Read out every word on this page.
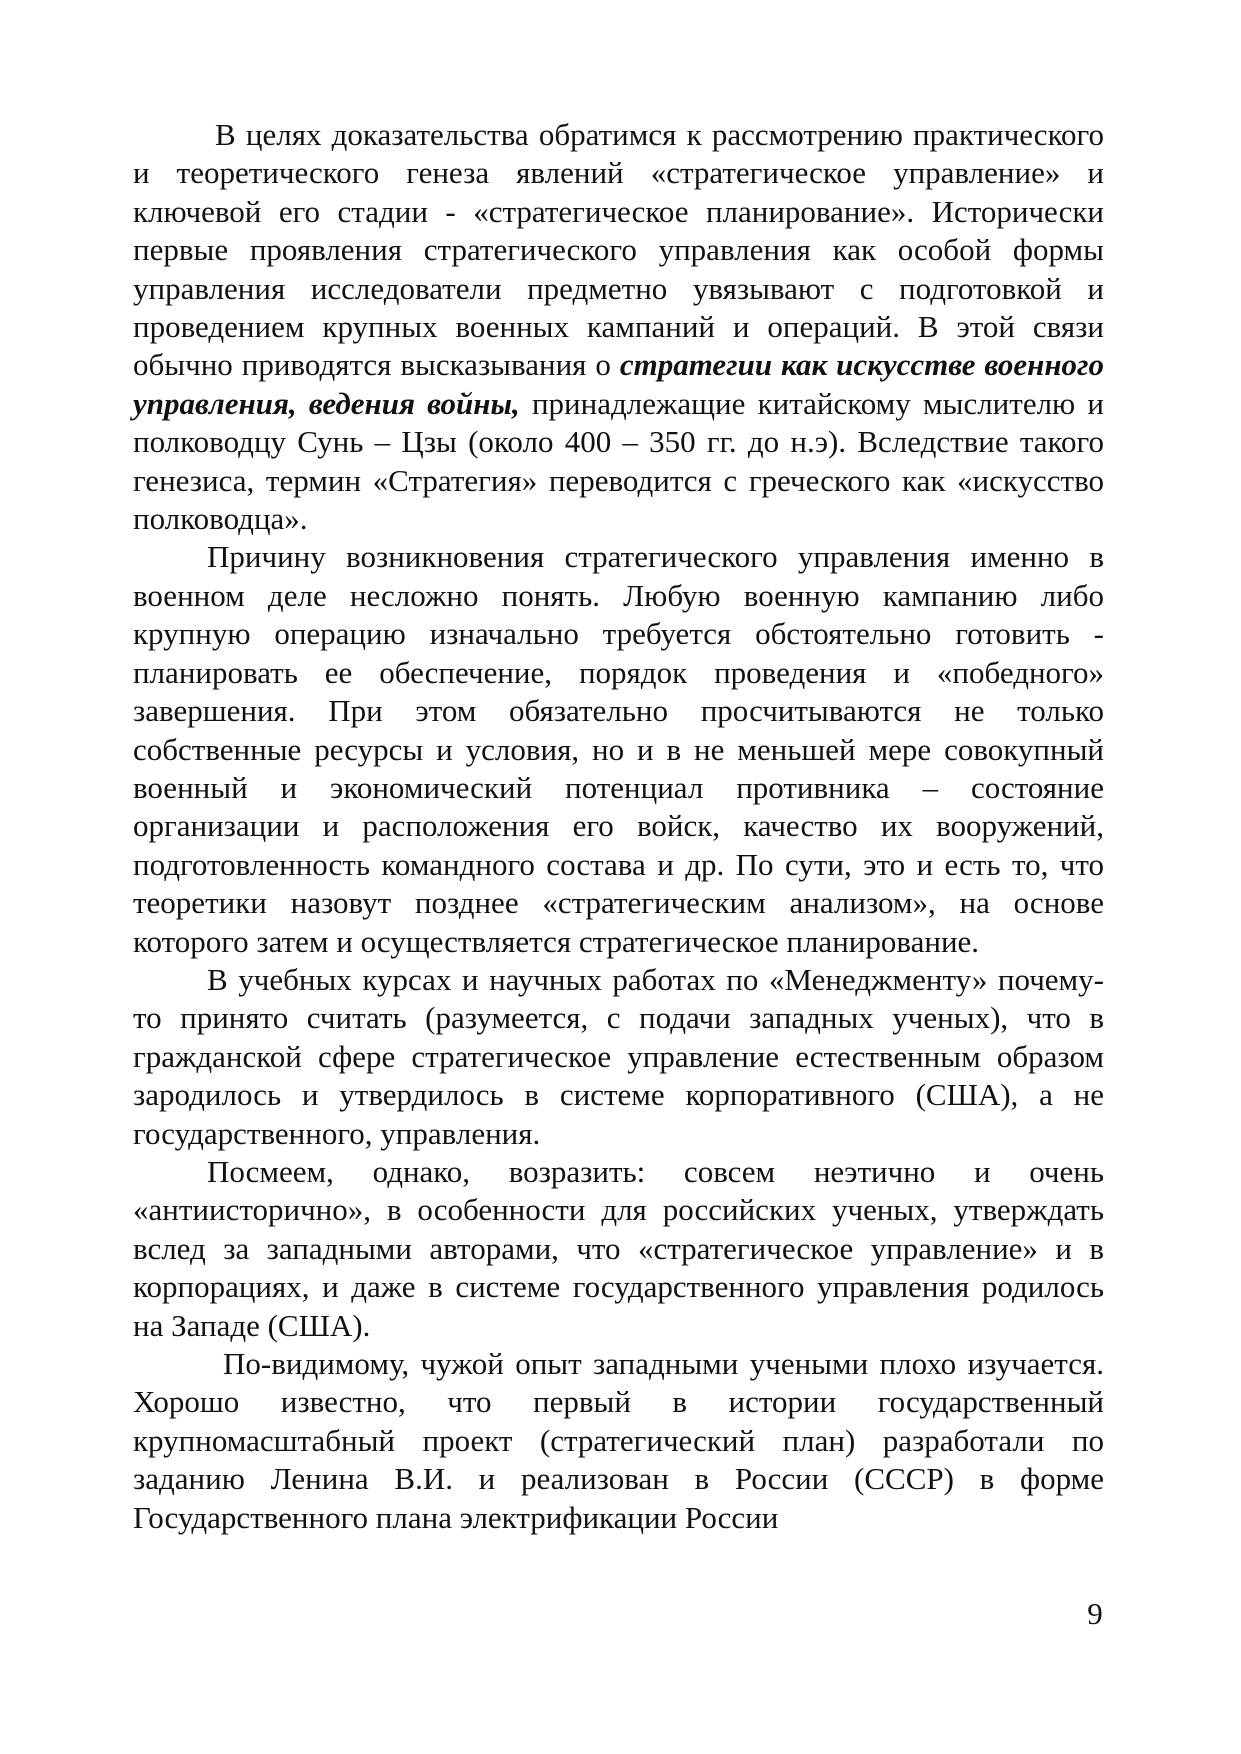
В целях доказательства обратимся к рассмотрению практического и теоретического генеза явлений «стратегическое управление» и ключевой его стадии - «стратегическое планирование». Исторически первые проявления стратегического управления как особой формы управления исследователи предметно увязывают с подготовкой и проведением крупных военных кампаний и операций. В этой связи обычно приводятся высказывания о стратегии как искусстве военного управления, ведения войны, принадлежащие китайскому мыслителю и полководцу Сунь – Цзы (около 400 – 350 гг. до н.э). Вследствие такого генезиса, термин «Стратегия» переводится с греческого как «искусство полководца».

Причину возникновения стратегического управления именно в военном деле несложно понять. Любую военную кампанию либо крупную операцию изначально требуется обстоятельно готовить - планировать ее обеспечение, порядок проведения и «победного» завершения. При этом обязательно просчитываются не только собственные ресурсы и условия, но и в не меньшей мере совокупный военный и экономический потенциал противника – состояние организации и расположения его войск, качество их вооружений, подготовленность командного состава и др. По сути, это и есть то, что теоретики назовут позднее «стратегическим анализом», на основе которого затем и осуществляется стратегическое планирование.

В учебных курсах и научных работах по «Менеджменту» почему-то принято считать (разумеется, с подачи западных ученых), что в гражданской сфере стратегическое управление естественным образом зародилось и утвердилось в системе корпоративного (США), а не государственного, управления.

Посмеем, однако, возразить: совсем неэтично и очень «антиисторично», в особенности для российских ученых, утверждать вслед за западными авторами, что «стратегическое управление» и в корпорациях, и даже в системе государственного управления родилось на Западе (США).

По-видимому, чужой опыт западными учеными плохо изучается. Хорошо известно, что первый в истории государственный крупномасштабный проект (стратегический план) разработали по заданию Ленина В.И. и реализован в России (СССР) в форме Государственного плана электрификации России

9
